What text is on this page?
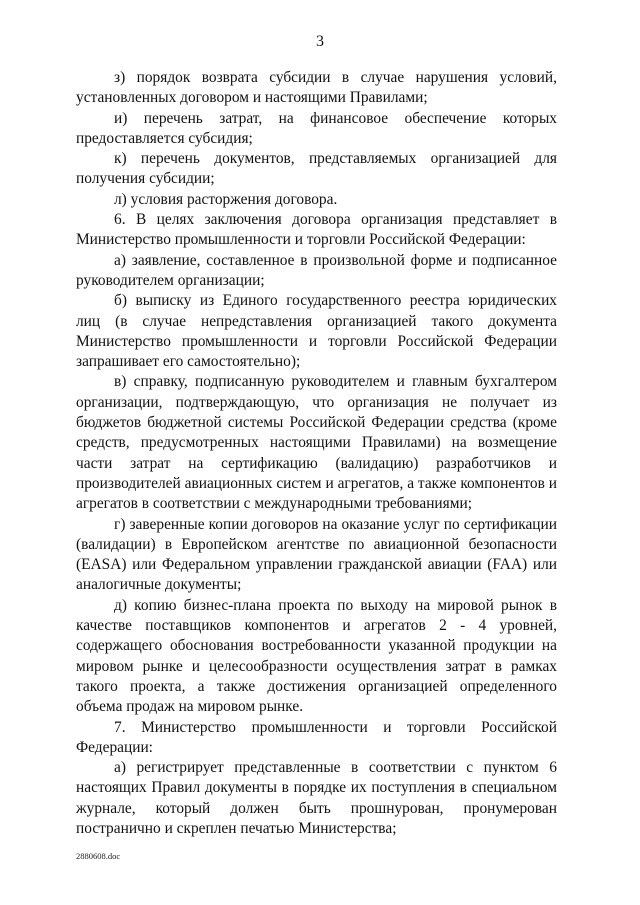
3

з) порядок возврата субсидии в случае нарушения условий, установленных договором и настоящими Правилами;

и) перечень затрат, на финансовое обеспечение которых предоставляется субсидия;

к) перечень документов, представляемых организацией для получения субсидии;

л) условия расторжения договора.

6. В целях заключения договора организация представляет в Министерство промышленности и торговли Российской Федерации:

а) заявление, составленное в произвольной форме и подписанное руководителем организации;

б) выписку из Единого государственного реестра юридических лиц (в случае непредставления организацией такого документа Министерство промышленности и торговли Российской Федерации запрашивает его самостоятельно);

в) справку, подписанную руководителем и главным бухгалтером организации, подтверждающую, что организация не получает из бюджетов бюджетной системы Российской Федерации средства (кроме средств, предусмотренных настоящими Правилами) на возмещение части затрат на сертификацию (валидацию) разработчиков и производителей авиационных систем и агрегатов, а также компонентов и агрегатов в соответствии с международными требованиями;

г) заверенные копии договоров на оказание услуг по сертификации (валидации) в Европейском агентстве по авиационной безопасности (EASA) или Федеральном управлении гражданской авиации (FAA) или аналогичные документы;

д) копию бизнес-плана проекта по выходу на мировой рынок в качестве поставщиков компонентов и агрегатов 2 - 4 уровней, содержащего обоснования востребованности указанной продукции на мировом рынке и целесообразности осуществления затрат в рамках такого проекта, а также достижения организацией определенного объема продаж на мировом рынке.

7. Министерство промышленности и торговли Российской Федерации:

а) регистрирует представленные в соответствии с пунктом 6 настоящих Правил документы в порядке их поступления в специальном журнале, который должен быть прошнурован, пронумерован постранично и скреплен печатью Министерства;

2880608.doc
